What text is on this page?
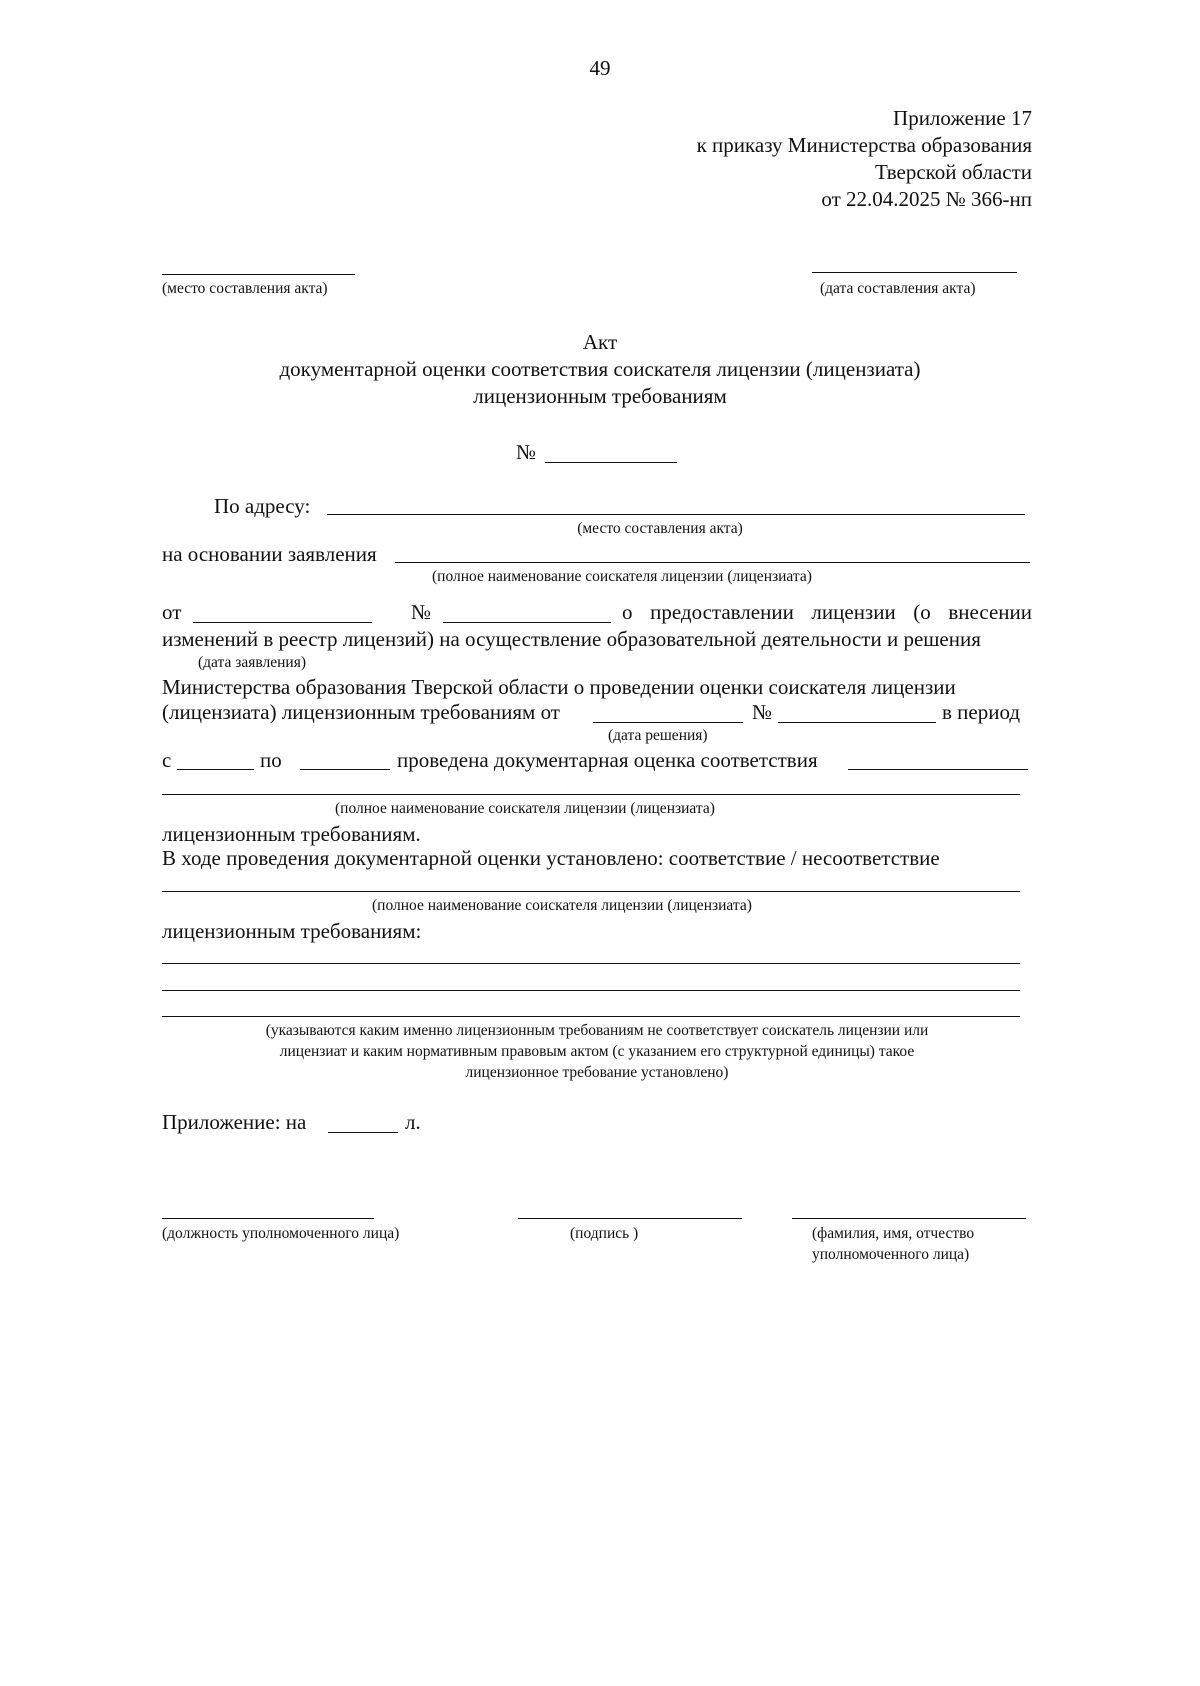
49
Приложение 17
к приказу Министерства образования
Тверской области
от 22.04.2025 № 366-нп
(место составления акта)	(дата составления акта)
Акт
документарной оценки соответствия соискателя лицензии (лицензиата)
лицензионным требованиям
№
По адресу:
(место составления акта)
на основании заявления
(полное наименование соискателя лицензии (лицензиата)
от	№	о предоставлении лицензии (о внесении
изменений в реестр лицензий) на осуществление образовательной деятельности и решения
(дата заявления)
Министерства образования Тверской области о проведении оценки соискателя лицензии
(лицензиата) лицензионным требованиям от	№	в период
(дата решения)
с	по	проведена документарная оценка соответствия
(полное наименование соискателя лицензии (лицензиата)
лицензионным требованиям.
В ходе проведения документарной оценки установлено: соответствие / несоответствие
(полное наименование соискателя лицензии (лицензиата)
лицензионным требованиям:
(указываются каким именно лицензионным требованиям не соответствует соискатель лицензии или
лицензиат и каким нормативным правовым актом (с указанием его структурной единицы) такое
лицензионное требование установлено)
Приложение: на	л.
(должность уполномоченного лица)	(подпись )	(фамилия, имя, отчество
уполномоченного лица)
